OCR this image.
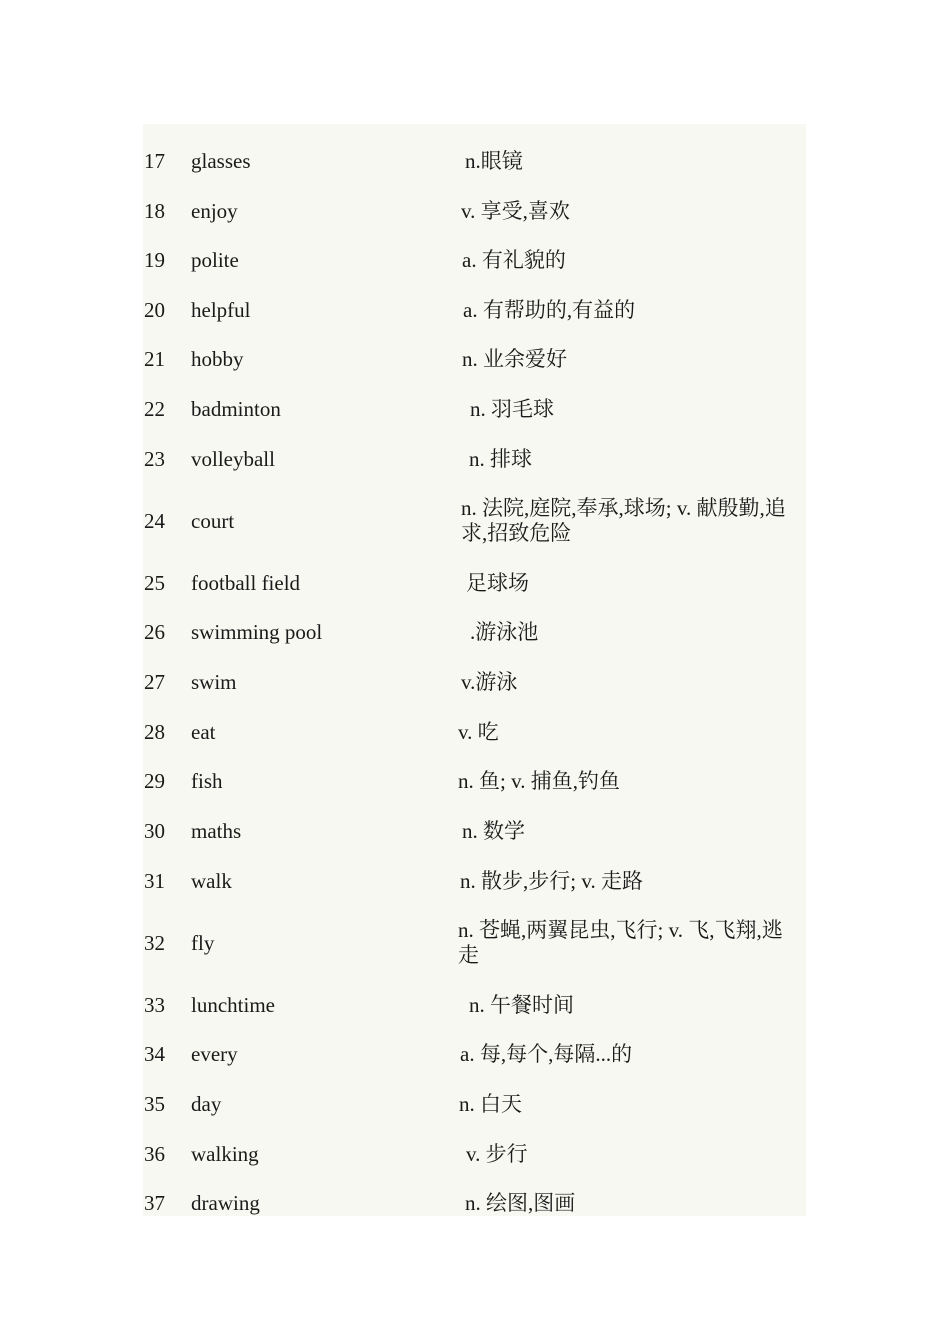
17 glasses	n.眼镜
18 enjoy	v. 享受,喜欢
19 polite	a. 有礼貌的
20 helpful	a. 有帮助的,有益的
21 hobby	n. 业余爱好
22 badminton	n. 羽毛球
23 volleyball	n. 排球
24 court
n. 法院,庭院,奉承,球场; v. 献殷勤,追求,招致危险
25 football field	足球场
26 swimming pool	.游泳池
27 swim	v.游泳
28 eat	v. 吃
29 fish	n. 鱼; v. 捕鱼,钓鱼
30 maths	n. 数学
31 walk	n. 散步,步行; v. 走路
32 fly
n. 苍蝇,两翼昆虫,飞行; v. 飞,飞翔,逃走
33 lunchtime	n. 午餐时间
34 every	a. 每,每个,每隔...的
35 day	n. 白天
36 walking	v. 步行
37 drawing	n. 绘图,图画
